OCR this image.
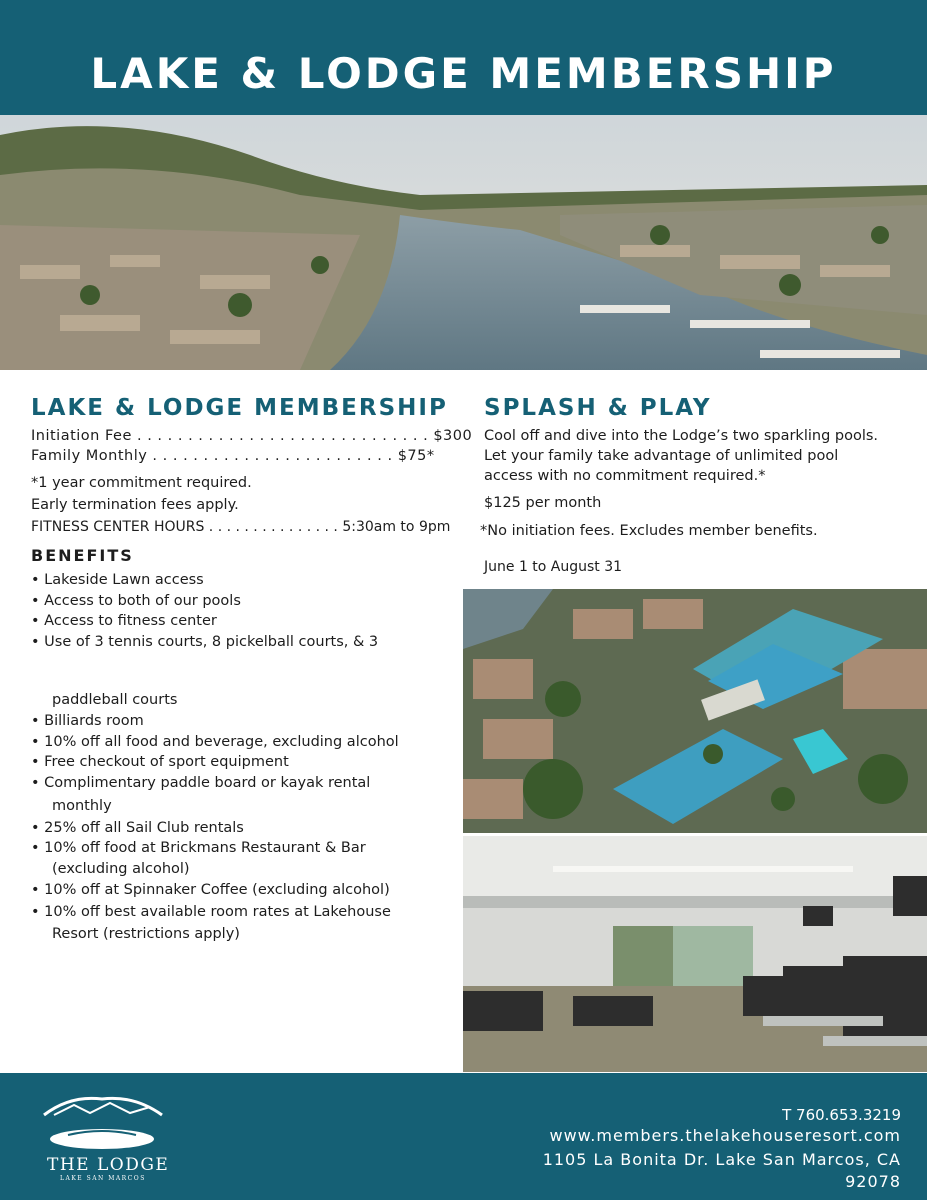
LAKE & LODGE MEMBERSHIP
LAKE & LODGE MEMBERSHIP
Initiation Fee . . . . . . . . . . . . . . . . . . . . . . . . . . . . . $300
Family Monthly . . . . . . . . . . . . . . . . . . . . . . . . $75*
*1 year commitment required.
Early termination fees apply.
FITNESS CENTER HOURS . . . . . . . . . . . . . . . 5:30am to 9pm
BENEFITS
• Lakeside Lawn access
• Access to both of our pools
• Access to fitness center
• Use of 3 tennis courts, 8 pickelball courts, & 3
paddleball courts
• Billiards room
• 10% off all food and beverage, excluding alcohol
• Free checkout of sport equipment
• Complimentary paddle board or kayak rental
monthly
• 25% off all Sail Club rentals
• 10% off food at Brickmans Restaurant & Bar
(excluding alcohol)
• 10% off at Spinnaker Coffee (excluding alcohol)
• 10% off best available room rates at Lakehouse
Resort (restrictions apply)
SPLASH & PLAY
Cool off and dive into the Lodge’s two sparkling pools.
Let your family take advantage of unlimited pool
access with no commitment required.*
$125 per month
*No initiation fees. Excludes member benefits.
June 1 to August 31
THE LODGE
LAKE SAN MARCOS
T 760.653.3219
www.members.thelakehouseresort.com
1105 La Bonita Dr. Lake San Marcos, CA
92078
